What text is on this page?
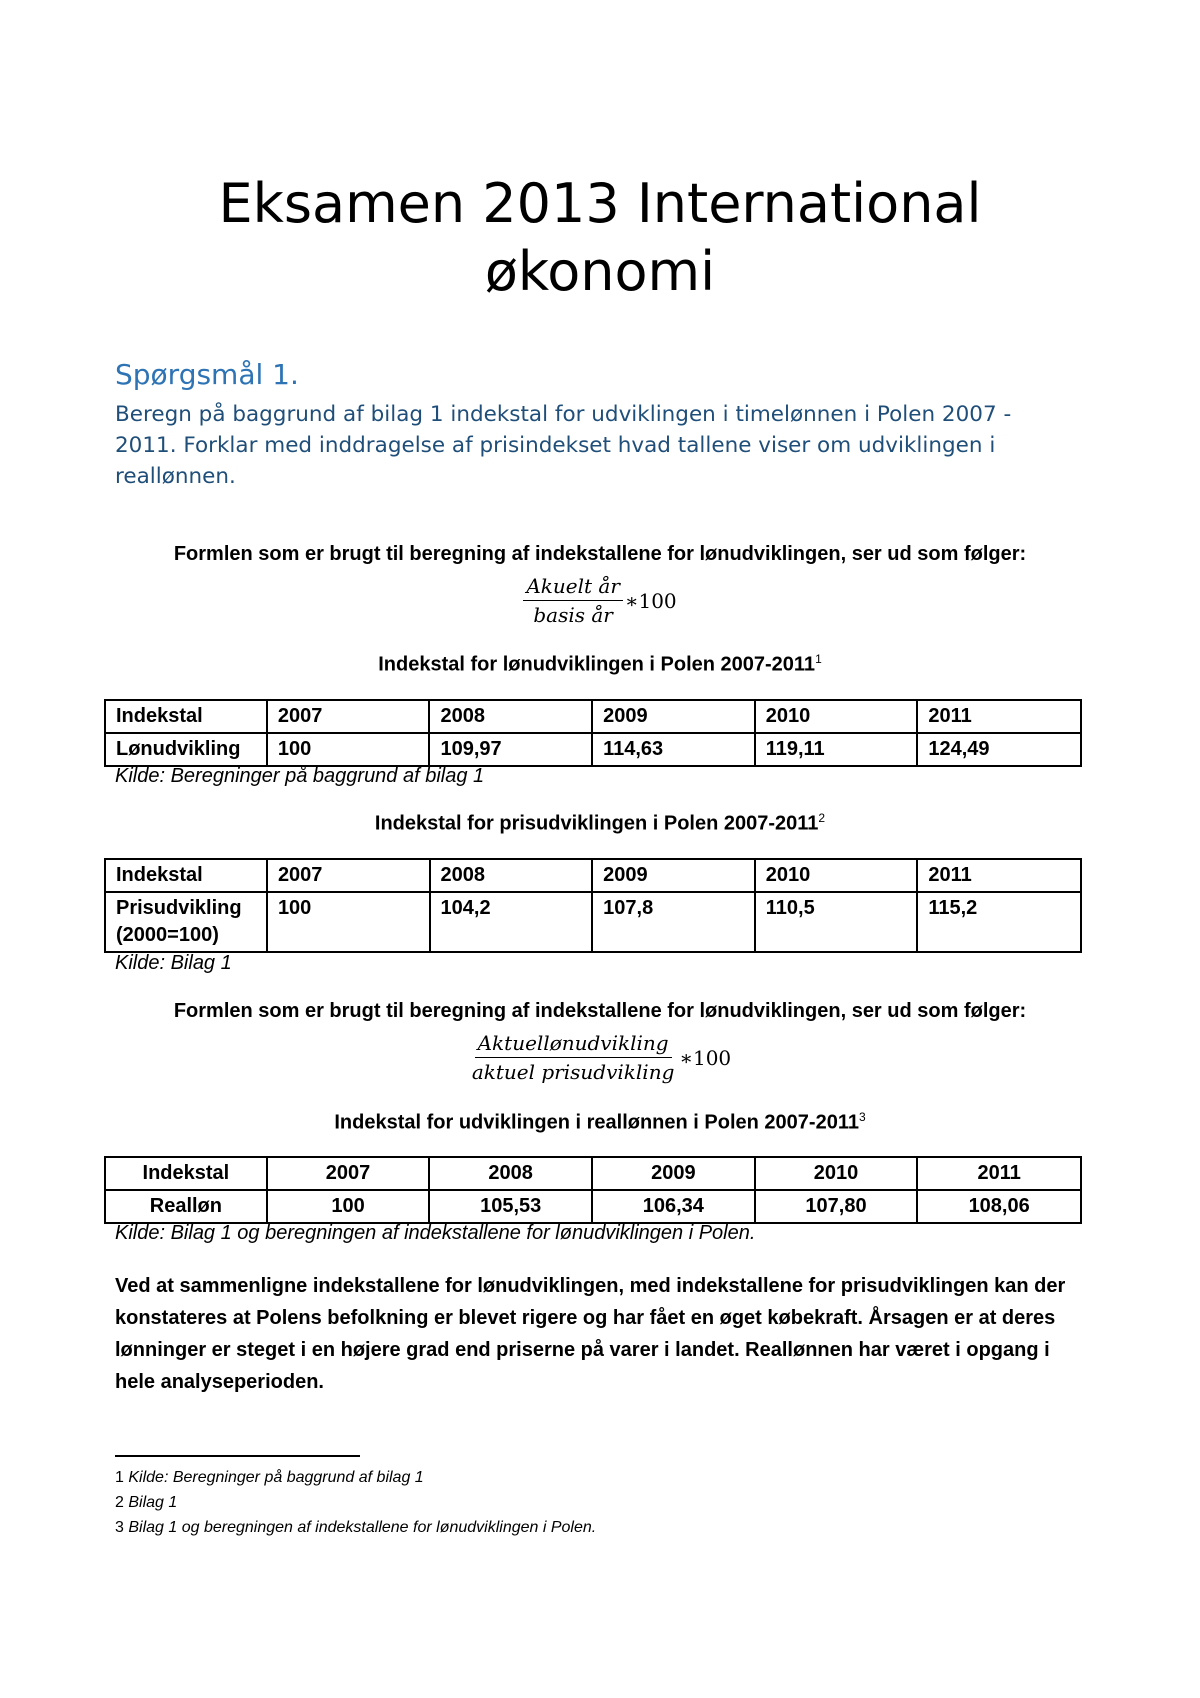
Eksamen 2013 International
økonomi
Spørgsmål 1.
Beregn på baggrund af bilag 1 indekstal for udviklingen i timelønnen i Polen 2007 - 2011. Forklar med inddragelse af prisindekset hvad tallene viser om udviklingen i reallønnen.
Formlen som er brugt til beregning af indekstallene for lønudviklingen, ser ud som følger:
$\frac{\text{Akuelt år}}{\text{basis år}}$ ∗100
Indekstal for lønudviklingen i Polen 2007-2011$^1$
Indekstal	2007	2008	2009	2010	2011
Lønudvikling	100	109,97	114,63	119,11	124,49
Kilde: Beregninger på baggrund af bilag 1
Indekstal for prisudviklingen i Polen 2007-2011$^2$
Indekstal	2007	2008	2009	2010	2011

Prisudvikling
(2000=100)	100	104,2	107,8	110,5	115,2
Kilde: Bilag 1
Formlen som er brugt til beregning af indekstallene for lønudviklingen, ser ud som følger:
$\frac{\text{Aktuellønudvikling}}{\text{aktuel prisudvikling}}$ ∗100
Indekstal for udviklingen i reallønnen i Polen 2007-2011$^3$
Indekstal	2007	2008	2009	2010	2011
Realløn	100	105,53	106,34	107,80	108,06
Kilde: Bilag 1 og beregningen af indekstallene for lønudviklingen i Polen.
Ved at sammenligne indekstallene for lønudviklingen, med indekstallene for prisudviklingen kan der konstateres at Polens befolkning er blevet rigere og har fået en øget købekraft. Årsagen er at deres lønninger er steget i en højere grad end priserne på varer i landet. Reallønnen har været i opgang i hele analyseperioden.
1 Kilde: Beregninger på baggrund af bilag 1
2 Bilag 1
3 Bilag 1 og beregningen af indekstallene for lønudviklingen i Polen.
